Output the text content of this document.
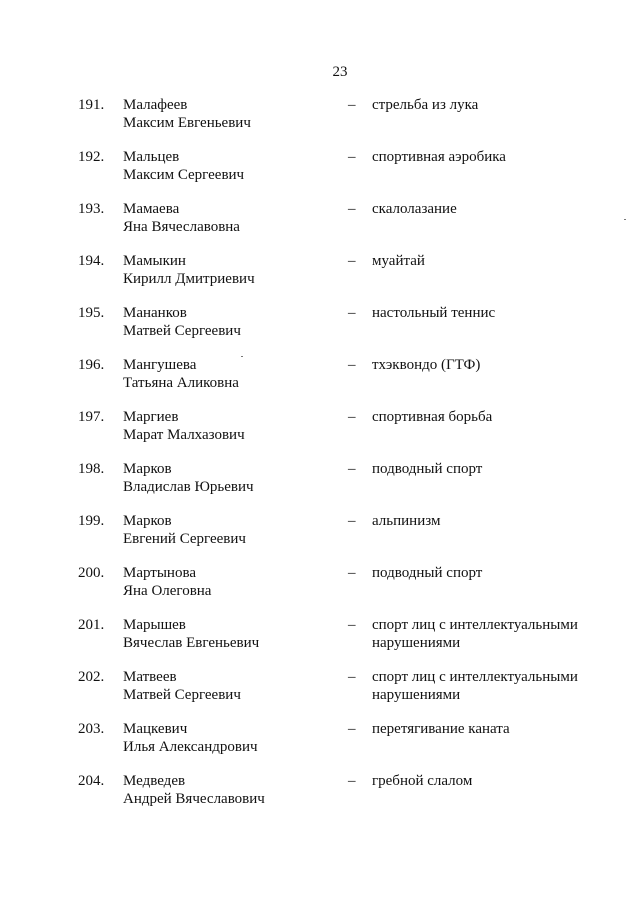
23
191. Малафеев
Максим Евгеньевич
– стрельба из лука
192. Мальцев
Максим Сергеевич
– спортивная аэробика
193. Мамаева
Яна Вячеславовна
– скалолазание
194. Мамыкин
Кирилл Дмитриевич
– муайтай
195. Мананков
Матвей Сергеевич
– настольный теннис
196. Мангушева
Татьяна Аликовна
– тхэквондо (ГТФ)
197. Маргиев
Марат Малхазович
– спортивная борьба
198. Марков
Владислав Юрьевич
– подводный спорт
199. Марков
Евгений Сергеевич
– альпинизм
200. Мартынова
Яна Олеговна
– подводный спорт
201. Марышев
Вячеслав Евгеньевич
– спорт лиц с интеллектуальными нарушениями
202. Матвеев
Матвей Сергеевич
– спорт лиц с интеллектуальными нарушениями
203. Мацкевич
Илья Александрович
– перетягивание каната
204. Медведев
Андрей Вячеславович
– гребной слалом
